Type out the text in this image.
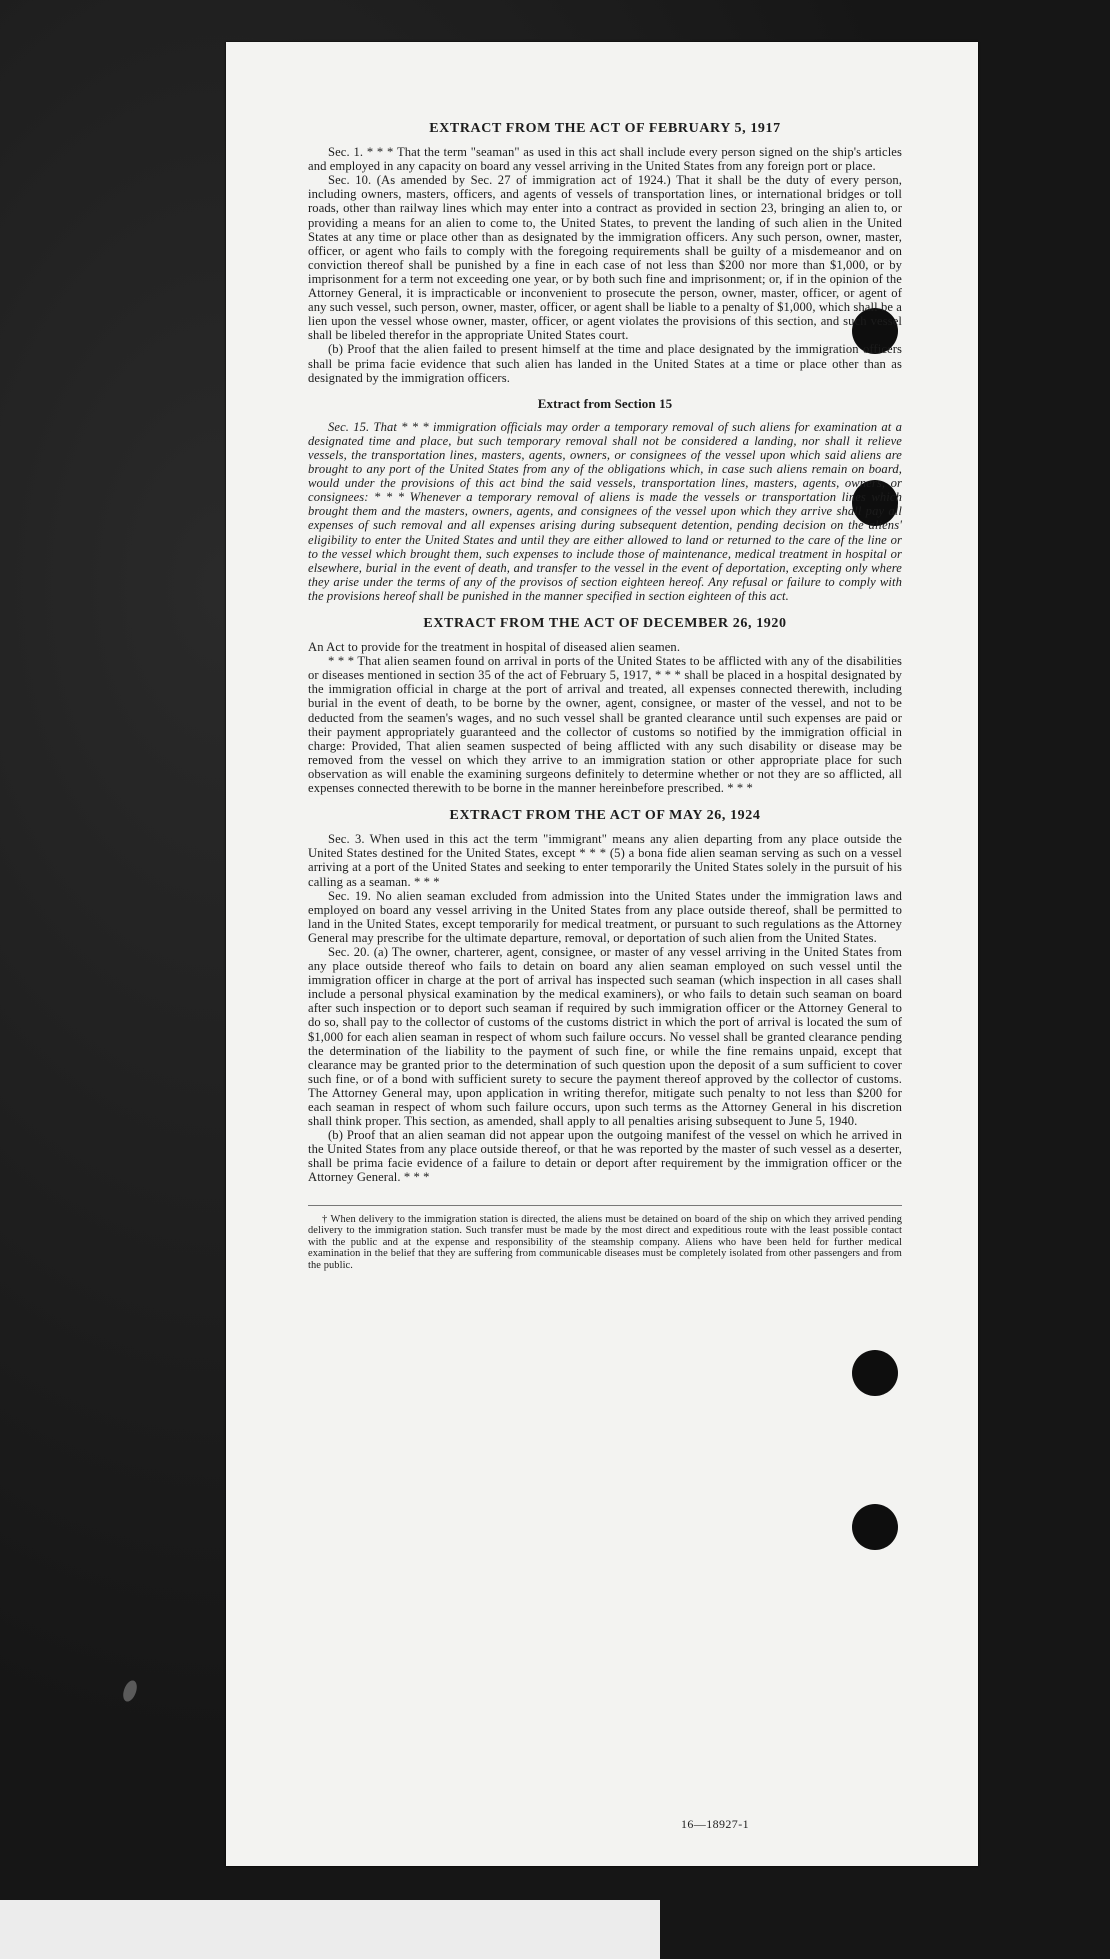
EXTRACT FROM THE ACT OF FEBRUARY 5, 1917

Sec. 1. * * * That the term "seaman" as used in this act shall include every person signed on the ship's articles and employed in any capacity on board any vessel arriving in the United States from any foreign port or place.

Sec. 10. (As amended by Sec. 27 of immigration act of 1924.) That it shall be the duty of every person, including owners, masters, officers, and agents of vessels of transportation lines, or international bridges or toll roads, other than railway lines which may enter into a contract as provided in section 23, bringing an alien to, or providing a means for an alien to come to, the United States, to prevent the landing of such alien in the United States at any time or place other than as designated by the immigration officers. Any such person, owner, master, officer, or agent who fails to comply with the foregoing requirements shall be guilty of a misdemeanor and on conviction thereof shall be punished by a fine in each case of not less than $200 nor more than $1,000, or by imprisonment for a term not exceeding one year, or by both such fine and imprisonment; or, if in the opinion of the Attorney General, it is impracticable or inconvenient to prosecute the person, owner, master, officer, or agent of any such vessel, such person, owner, master, officer, or agent shall be liable to a penalty of $1,000, which shall be a lien upon the vessel whose owner, master, officer, or agent violates the provisions of this section, and such vessel shall be libeled therefor in the appropriate United States court.

(b) Proof that the alien failed to present himself at the time and place designated by the immigration officers shall be prima facie evidence that such alien has landed in the United States at a time or place other than as designated by the immigration officers.

Extract from Section 15

Sec. 15. That * * * immigration officials may order a temporary removal of such aliens for examination at a designated time and place, but such temporary removal shall not be considered a landing, nor shall it relieve vessels, the transportation lines, masters, agents, owners, or consignees of the vessel upon which said aliens are brought to any port of the United States from any of the obligations which, in case such aliens remain on board, would under the provisions of this act bind the said vessels, transportation lines, masters, agents, owners, or consignees: * * * Whenever a temporary removal of aliens is made the vessels or transportation lines which brought them and the masters, owners, agents, and consignees of the vessel upon which they arrive shall pay all expenses of such removal and all expenses arising during subsequent detention, pending decision on the aliens' eligibility to enter the United States and until they are either allowed to land or returned to the care of the line or to the vessel which brought them, such expenses to include those of maintenance, medical treatment in hospital or elsewhere, burial in the event of death, and transfer to the vessel in the event of deportation, excepting only where they arise under the terms of any of the provisos of section eighteen hereof. Any refusal or failure to comply with the provisions hereof shall be punished in the manner specified in section eighteen of this act.

EXTRACT FROM THE ACT OF DECEMBER 26, 1920

An Act to provide for the treatment in hospital of diseased alien seamen.

* * * That alien seamen found on arrival in ports of the United States to be afflicted with any of the disabilities or diseases mentioned in section 35 of the act of February 5, 1917, * * * shall be placed in a hospital designated by the immigration official in charge at the port of arrival and treated, all expenses connected therewith, including burial in the event of death, to be borne by the owner, agent, consignee, or master of the vessel, and not to be deducted from the seamen's wages, and no such vessel shall be granted clearance until such expenses are paid or their payment appropriately guaranteed and the collector of customs so notified by the immigration official in charge: Provided, That alien seamen suspected of being afflicted with any such disability or disease may be removed from the vessel on which they arrive to an immigration station or other appropriate place for such observation as will enable the examining surgeons definitely to determine whether or not they are so afflicted, all expenses connected therewith to be borne in the manner hereinbefore prescribed. * * *

EXTRACT FROM THE ACT OF MAY 26, 1924

Sec. 3. When used in this act the term "immigrant" means any alien departing from any place outside the United States destined for the United States, except * * * (5) a bona fide alien seaman serving as such on a vessel arriving at a port of the United States and seeking to enter temporarily the United States solely in the pursuit of his calling as a seaman. * * *

Sec. 19. No alien seaman excluded from admission into the United States under the immigration laws and employed on board any vessel arriving in the United States from any place outside thereof, shall be permitted to land in the United States, except temporarily for medical treatment, or pursuant to such regulations as the Attorney General may prescribe for the ultimate departure, removal, or deportation of such alien from the United States.

Sec. 20. (a) The owner, charterer, agent, consignee, or master of any vessel arriving in the United States from any place outside thereof who fails to detain on board any alien seaman employed on such vessel until the immigration officer in charge at the port of arrival has inspected such seaman (which inspection in all cases shall include a personal physical examination by the medical examiners), or who fails to detain such seaman on board after such inspection or to deport such seaman if required by such immigration officer or the Attorney General to do so, shall pay to the collector of customs of the customs district in which the port of arrival is located the sum of $1,000 for each alien seaman in respect of whom such failure occurs. No vessel shall be granted clearance pending the determination of the liability to the payment of such fine, or while the fine remains unpaid, except that clearance may be granted prior to the determination of such question upon the deposit of a sum sufficient to cover such fine, or of a bond with sufficient surety to secure the payment thereof approved by the collector of customs. The Attorney General may, upon application in writing therefor, mitigate such penalty to not less than $200 for each seaman in respect of whom such failure occurs, upon such terms as the Attorney General in his discretion shall think proper. This section, as amended, shall apply to all penalties arising subsequent to June 5, 1940.

(b) Proof that an alien seaman did not appear upon the outgoing manifest of the vessel on which he arrived in the United States from any place outside thereof, or that he was reported by the master of such vessel as a deserter, shall be prima facie evidence of a failure to detain or deport after requirement by the immigration officer or the Attorney General. * * *

† When delivery to the immigration station is directed, the aliens must be detained on board of the ship on which they arrived pending delivery to the immigration station. Such transfer must be made by the most direct and expeditious route with the least possible contact with the public and at the expense and responsibility of the steamship company. Aliens who have been held for further medical examination in the belief that they are suffering from communicable diseases must be completely isolated from other passengers and from the public.

16—18927-1
